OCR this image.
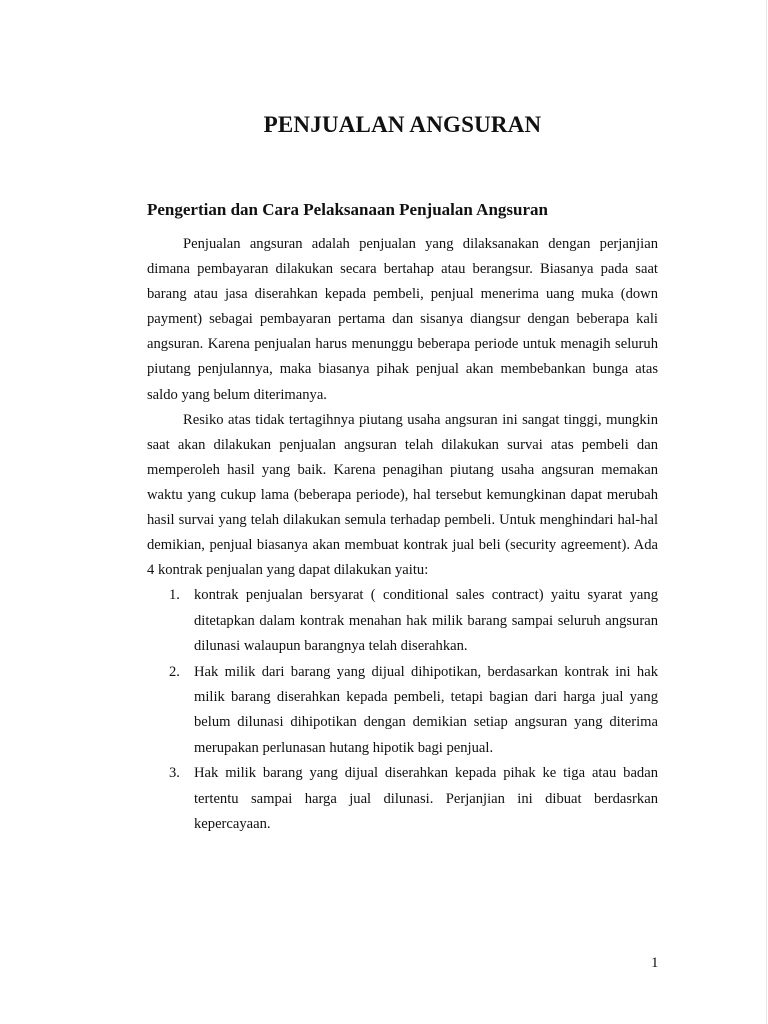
PENJUALAN ANGSURAN
Pengertian dan Cara Pelaksanaan Penjualan Angsuran

Penjualan angsuran adalah penjualan yang dilaksanakan dengan perjanjian dimana pembayaran dilakukan secara bertahap atau berangsur. Biasanya pada saat barang atau jasa diserahkan kepada pembeli, penjual menerima uang muka (down payment) sebagai pembayaran pertama dan sisanya diangsur dengan beberapa kali angsuran. Karena penjualan harus menunggu beberapa periode untuk menagih seluruh piutang penjulannya, maka biasanya pihak penjual akan membebankan bunga atas saldo yang belum diterimanya.

Resiko atas tidak tertagihnya piutang usaha angsuran ini sangat tinggi, mungkin saat akan dilakukan penjualan angsuran telah dilakukan survai atas pembeli dan memperoleh hasil yang baik. Karena penagihan piutang usaha angsuran memakan waktu yang cukup lama (beberapa periode), hal tersebut kemungkinan dapat merubah hasil survai yang telah dilakukan semula terhadap pembeli. Untuk menghindari hal-hal demikian, penjual biasanya akan membuat kontrak jual beli (security agreement). Ada 4 kontrak penjualan yang dapat dilakukan yaitu:

1. kontrak penjualan bersyarat ( conditional sales contract) yaitu syarat yang ditetapkan dalam kontrak menahan hak milik barang sampai seluruh angsuran dilunasi walaupun barangnya telah diserahkan.
2. Hak milik dari barang yang dijual dihipotikan, berdasarkan kontrak ini hak milik barang diserahkan kepada pembeli, tetapi bagian dari harga jual yang belum dilunasi dihipotikan dengan demikian setiap angsuran yang diterima merupakan perlunasan hutang hipotik bagi penjual.
3. Hak milik barang yang dijual diserahkan kepada pihak ke tiga atau badan tertentu sampai harga jual dilunasi. Perjanjian ini dibuat berdasrkan kepercayaan.
1
